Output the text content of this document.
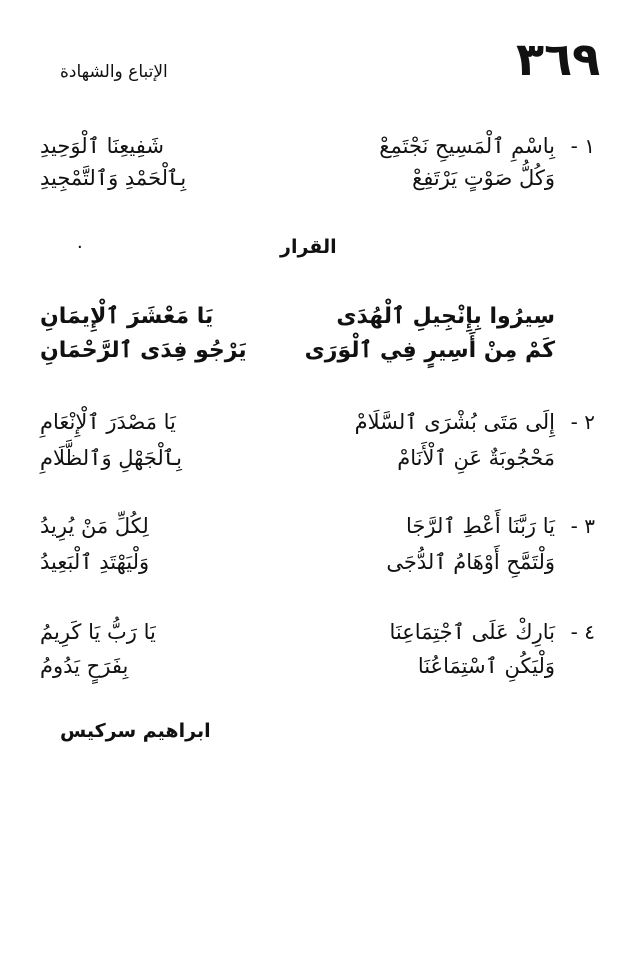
٣٦٩
الإتباع والشهادة
١ -
بِاسْمِ ٱلْمَسِيحِ نَجْتَمِعْ
شَفِيعِنَا ٱلْوَحِيدِ
وَكُلُّ صَوْتٍ يَرْتَفِعْ
بِٱلْحَمْدِ وَٱلتَّمْجِيدِ
القرار
٠
سِيرُوا بِإِنْجِيلِ ٱلْهُدَى
يَا مَعْشَرَ ٱلْإِيمَانِ
كَمْ مِنْ أَسِيرٍ فِي ٱلْوَرَى
يَرْجُو فِدَى ٱلرَّحْمَانِ
٢ -
إِلَى مَتَى بُشْرَى ٱلسَّلَامْ
يَا مَصْدَرَ ٱلْإِنْعَامِ
مَحْجُوبَةٌ عَنِ ٱلْأَنَامْ
بِٱلْجَهْلِ وَٱلظَّلَامِ
٣ -
يَا رَبَّنَا أَعْطِ ٱلرَّجَا
لِكُلِّ مَنْ يُرِيدُ
وَلْتَمَّحِ أَوْهَامُ ٱلدُّجَى
وَلْيَهْتَدِ ٱلْبَعِيدُ
٤ -
بَارِكْ عَلَى ٱجْتِمَاعِنَا
يَا رَبُّ يَا كَرِيمُ
وَلْيَكُنِ ٱسْتِمَاعُنَا
بِفَرَحٍ يَدُومُ
ابراهيم سركيس
